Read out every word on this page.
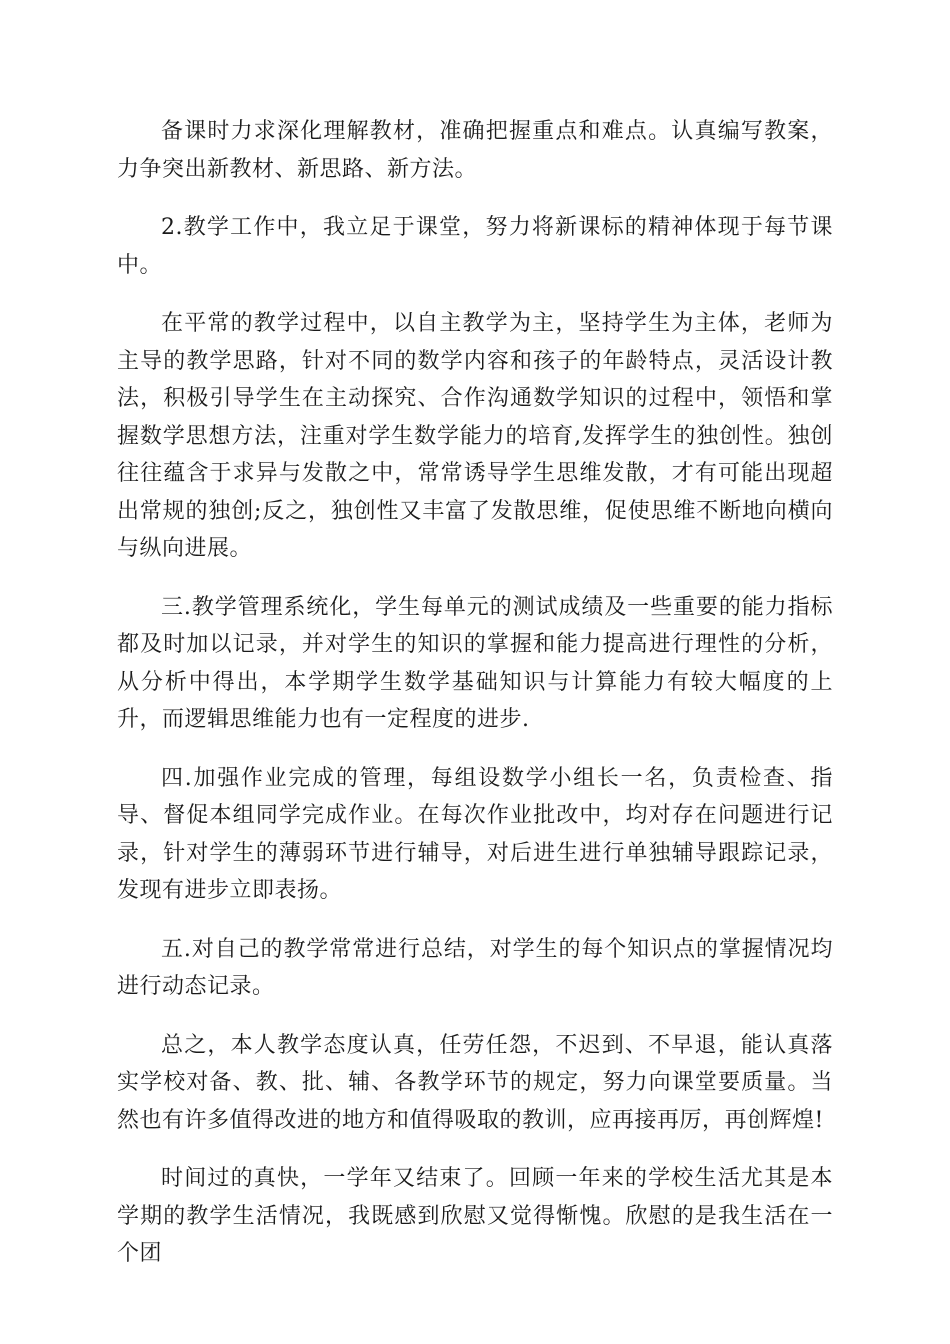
备课时力求深化理解教材，准确把握重点和难点。认真编写教案，力争突出新教材、新思路、新方法。

2.教学工作中，我立足于课堂，努力将新课标的精神体现于每节课中。

在平常的教学过程中，以自主教学为主，坚持学生为主体，老师为主导的教学思路，针对不同的数学内容和孩子的年龄特点，灵活设计教法，积极引导学生在主动探究、合作沟通数学知识的过程中，领悟和掌握数学思想方法，注重对学生数学能力的培育,发挥学生的独创性。独创往往蕴含于求异与发散之中，常常诱导学生思维发散，才有可能出现超出常规的独创;反之，独创性又丰富了发散思维，促使思维不断地向横向与纵向进展。

三.教学管理系统化，学生每单元的测试成绩及一些重要的能力指标都及时加以记录，并对学生的知识的掌握和能力提高进行理性的分析，从分析中得出，本学期学生数学基础知识与计算能力有较大幅度的上升，而逻辑思维能力也有一定程度的进步.

四.加强作业完成的管理，每组设数学小组长一名，负责检查、指导、督促本组同学完成作业。在每次作业批改中，均对存在问题进行记录，针对学生的薄弱环节进行辅导，对后进生进行单独辅导跟踪记录，发现有进步立即表扬。

五.对自己的教学常常进行总结，对学生的每个知识点的掌握情况均进行动态记录。

总之，本人教学态度认真，任劳任怨，不迟到、不早退，能认真落实学校对备、教、批、辅、各教学环节的规定，努力向课堂要质量。当然也有许多值得改进的地方和值得吸取的教训，应再接再厉，再创辉煌!

时间过的真快，一学年又结束了。回顾一年来的学校生活尤其是本学期的教学生活情况，我既感到欣慰又觉得惭愧。欣慰的是我生活在一个团
